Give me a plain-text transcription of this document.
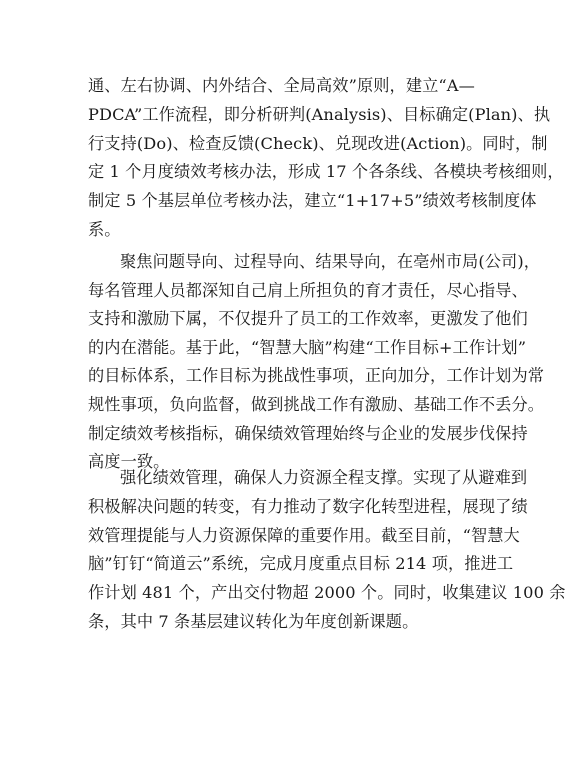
通、左右协调、内外结合、全局高效”原则，建立“A—
PDCA”工作流程，即分析研判(Analysis)、目标确定(Plan)、执
行支持(Do)、检查反馈(Check)、兑现改进(Action)。同时，制
定 1 个月度绩效考核办法，形成 17 个各条线、各模块考核细则，
制定 5 个基层单位考核办法，建立“1+17+5”绩效考核制度体
系。
聚焦问题导向、过程导向、结果导向，在亳州市局(公司)，
每名管理人员都深知自己肩上所担负的育才责任，尽心指导、
支持和激励下属，不仅提升了员工的工作效率，更激发了他们
的内在潜能。基于此，“智慧大脑”构建“工作目标+工作计划”
的目标体系，工作目标为挑战性事项，正向加分，工作计划为常
规性事项，负向监督，做到挑战工作有激励、基础工作不丢分。
制定绩效考核指标，确保绩效管理始终与企业的发展步伐保持
高度一致。
强化绩效管理，确保人力资源全程支撑。实现了从避难到
积极解决问题的转变，有力推动了数字化转型进程，展现了绩
效管理提能与人力资源保障的重要作用。截至目前，“智慧大
脑”钉钉“简道云”系统，完成月度重点目标 214 项，推进工
作计划 481 个，产出交付物超 2000 个。同时，收集建议 100 余
条，其中 7 条基层建议转化为年度创新课题。
